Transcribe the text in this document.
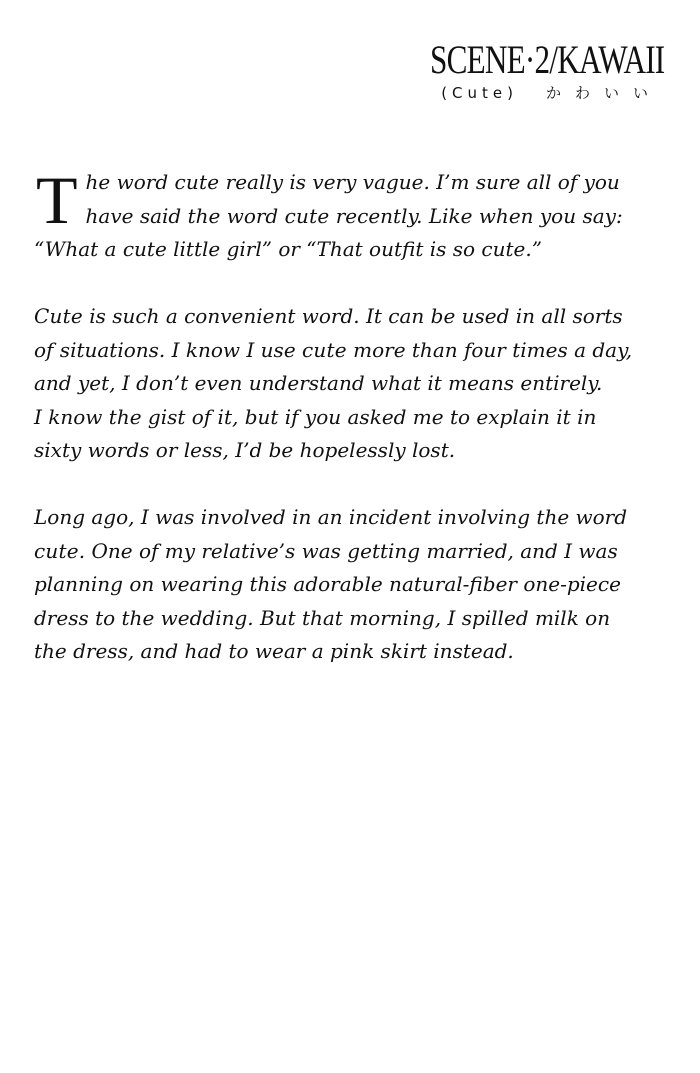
SCENE·2/KAWAII
(Cute) かわいい
T he word cute really is very vague. I’m sure all of you
have said the word cute recently. Like when you say:
“What a cute little girl” or “That outfit is so cute.”
Cute is such a convenient word. It can be used in all sorts
of situations. I know I use cute more than four times a day,
and yet, I don’t even understand what it means entirely.
I know the gist of it, but if you asked me to explain it in
sixty words or less, I’d be hopelessly lost.
Long ago, I was involved in an incident involving the word
cute. One of my relative’s was getting married, and I was
planning on wearing this adorable natural-fiber one-piece
dress to the wedding. But that morning, I spilled milk on
the dress, and had to wear a pink skirt instead.
